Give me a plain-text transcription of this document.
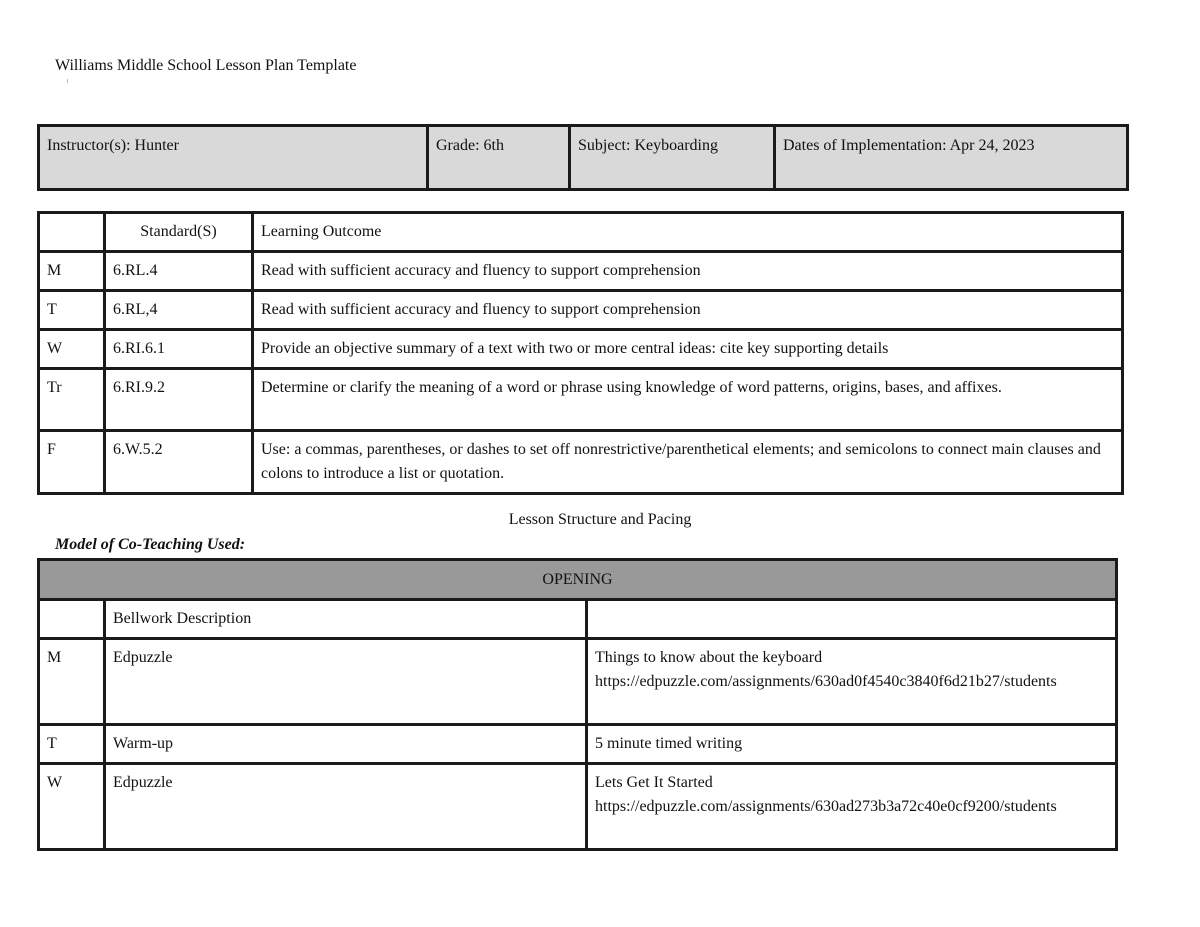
Williams Middle School Lesson Plan Template
Instructor(s): Hunter	Grade: 6th	Subject: Keyboarding	Dates of Implementation: Apr 24, 2023
	Standard(S)	Learning Outcome
M	6.RL.4	Read with sufficient accuracy and fluency to support comprehension
T	6.RL,4	Read with sufficient accuracy and fluency to support comprehension
W	6.RI.6.1	Provide an objective summary of a text with two or more central ideas: cite key supporting details
Tr	6.RI.9.2	Determine or clarify the meaning of a word or phrase using knowledge of word patterns, origins, bases, and affixes.
F	6.W.5.2	Use: a commas, parentheses, or dashes to set off nonrestrictive/parenthetical elements; and semicolons to connect main clauses and colons to introduce a list or quotation.
Lesson Structure and Pacing
Model of Co-Teaching Used:
OPENING		
	Bellwork Description	
M	Edpuzzle	Things to know about the keyboard
https://edpuzzle.com/assignments/630ad0f4540c3840f6d21b27/students

T	Warm-up	5 minute timed writing

W	Edpuzzle	Lets Get It Started
https://edpuzzle.com/assignments/630ad273b3a72c40e0cf9200/students
